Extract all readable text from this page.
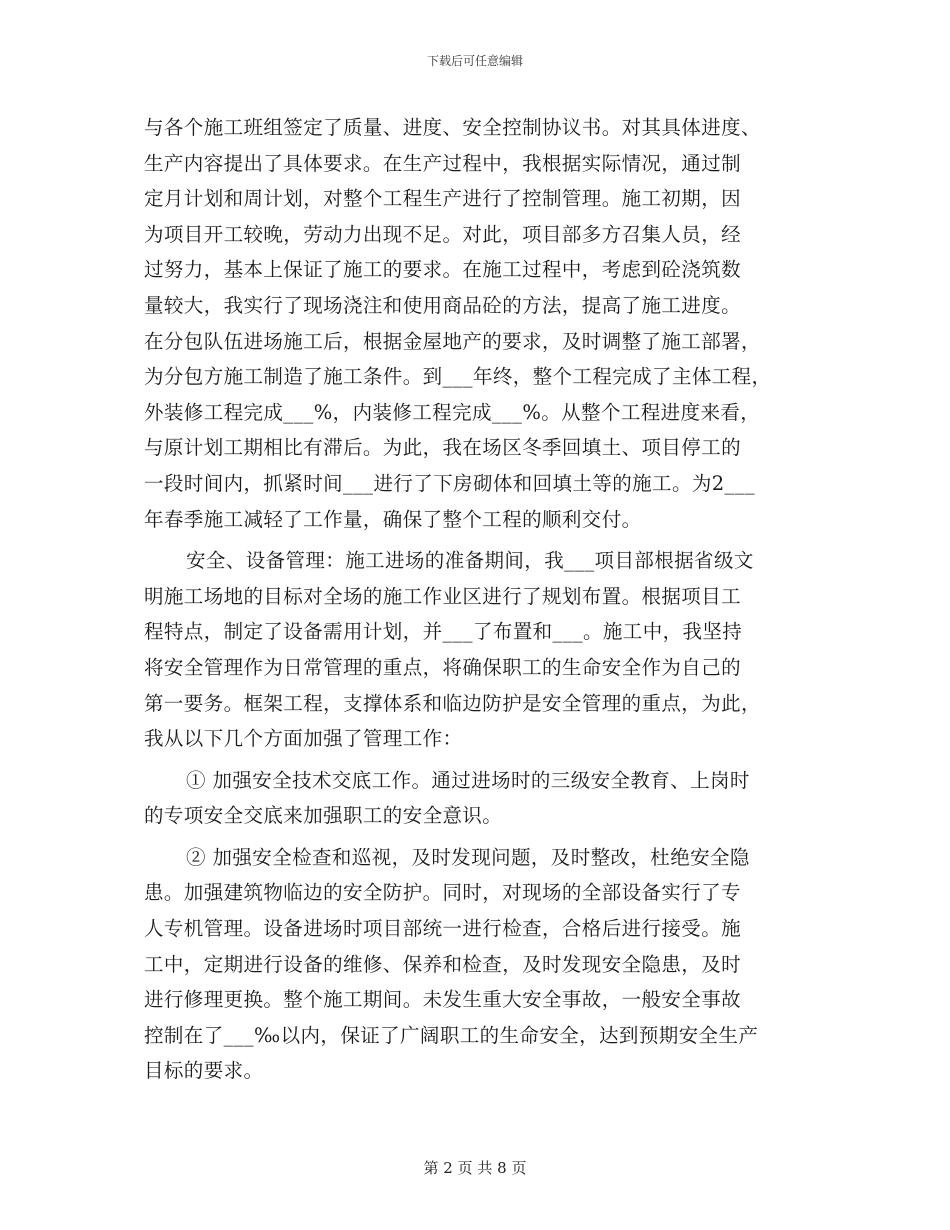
下载后可任意编辑
与各个施工班组签定了质量、进度、安全控制协议书。对其具体进度、
生产内容提出了具体要求。在生产过程中，我根据实际情况，通过制
定月计划和周计划，对整个工程生产进行了控制管理。施工初期，因
为项目开工较晚，劳动力出现不足。对此，项目部多方召集人员，经
过努力，基本上保证了施工的要求。在施工过程中，考虑到砼浇筑数
量较大，我实行了现场浇注和使用商品砼的方法，提高了施工进度。
在分包队伍进场施工后，根据金屋地产的要求，及时调整了施工部署，
为分包方施工制造了施工条件。到___年终，整个工程完成了主体工程，
外装修工程完成___%，内装修工程完成___%。从整个工程进度来看，
与原计划工期相比有滞后。为此，我在场区冬季回填土、项目停工的
一段时间内，抓紧时间___进行了下房砌体和回填土等的施工。为2___
年春季施工减轻了工作量，确保了整个工程的顺利交付。
安全、设备管理：施工进场的准备期间，我___项目部根据省级文
明施工场地的目标对全场的施工作业区进行了规划布置。根据项目工
程特点，制定了设备需用计划，并___了布置和___。施工中，我坚持
将安全管理作为日常管理的重点，将确保职工的生命安全作为自己的
第一要务。框架工程，支撑体系和临边防护是安全管理的重点，为此，
我从以下几个方面加强了管理工作：
① 加强安全技术交底工作。通过进场时的三级安全教育、上岗时
的专项安全交底来加强职工的安全意识。
② 加强安全检查和巡视，及时发现问题，及时整改，杜绝安全隐
患。加强建筑物临边的安全防护。同时，对现场的全部设备实行了专
人专机管理。设备进场时项目部统一进行检查，合格后进行接受。施
工中，定期进行设备的维修、保养和检查，及时发现安全隐患，及时
进行修理更换。整个施工期间。未发生重大安全事故，一般安全事故
控制在了___‰以内，保证了广阔职工的生命安全，达到预期安全生产
目标的要求。
第 2 页 共 8 页
